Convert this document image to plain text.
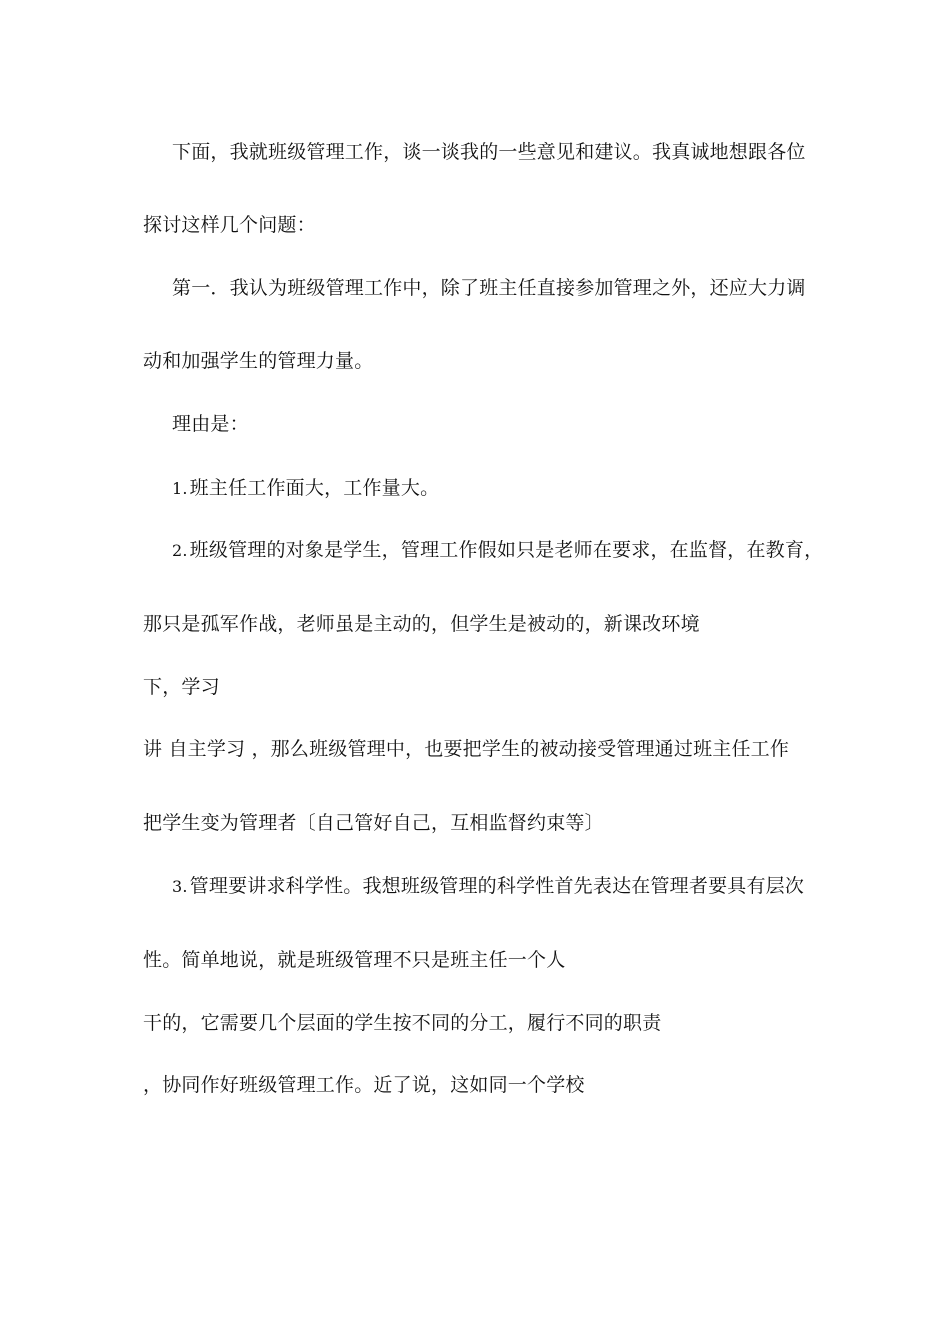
下面，我就班级管理工作，谈一谈我的一些意见和建议。我真诚地想跟各位
探讨这样几个问题：
第一．我认为班级管理工作中，除了班主任直接参加管理之外，还应大力调
动和加强学生的管理力量。
理由是：
1. 班主任工作面大，工作量大。
2. 班级管理的对象是学生，管理工作假如只是老师在要求，在监督，在教育，
那只是孤军作战，老师虽是主动的，但学生是被动的，新课改环境
下，学习
讲 自主学习 ，那么班级管理中，也要把学生的被动接受管理通过班主任工作
把学生变为管理者〔自己管好自己，互相监督约束等〕
3. 管理要讲求科学性。我想班级管理的科学性首先表达在管理者要具有层次
性。简单地说，就是班级管理不只是班主任一个人
干的，它需要几个层面的学生按不同的分工，履行不同的职责
，协同作好班级管理工作。近了说，这如同一个学校
